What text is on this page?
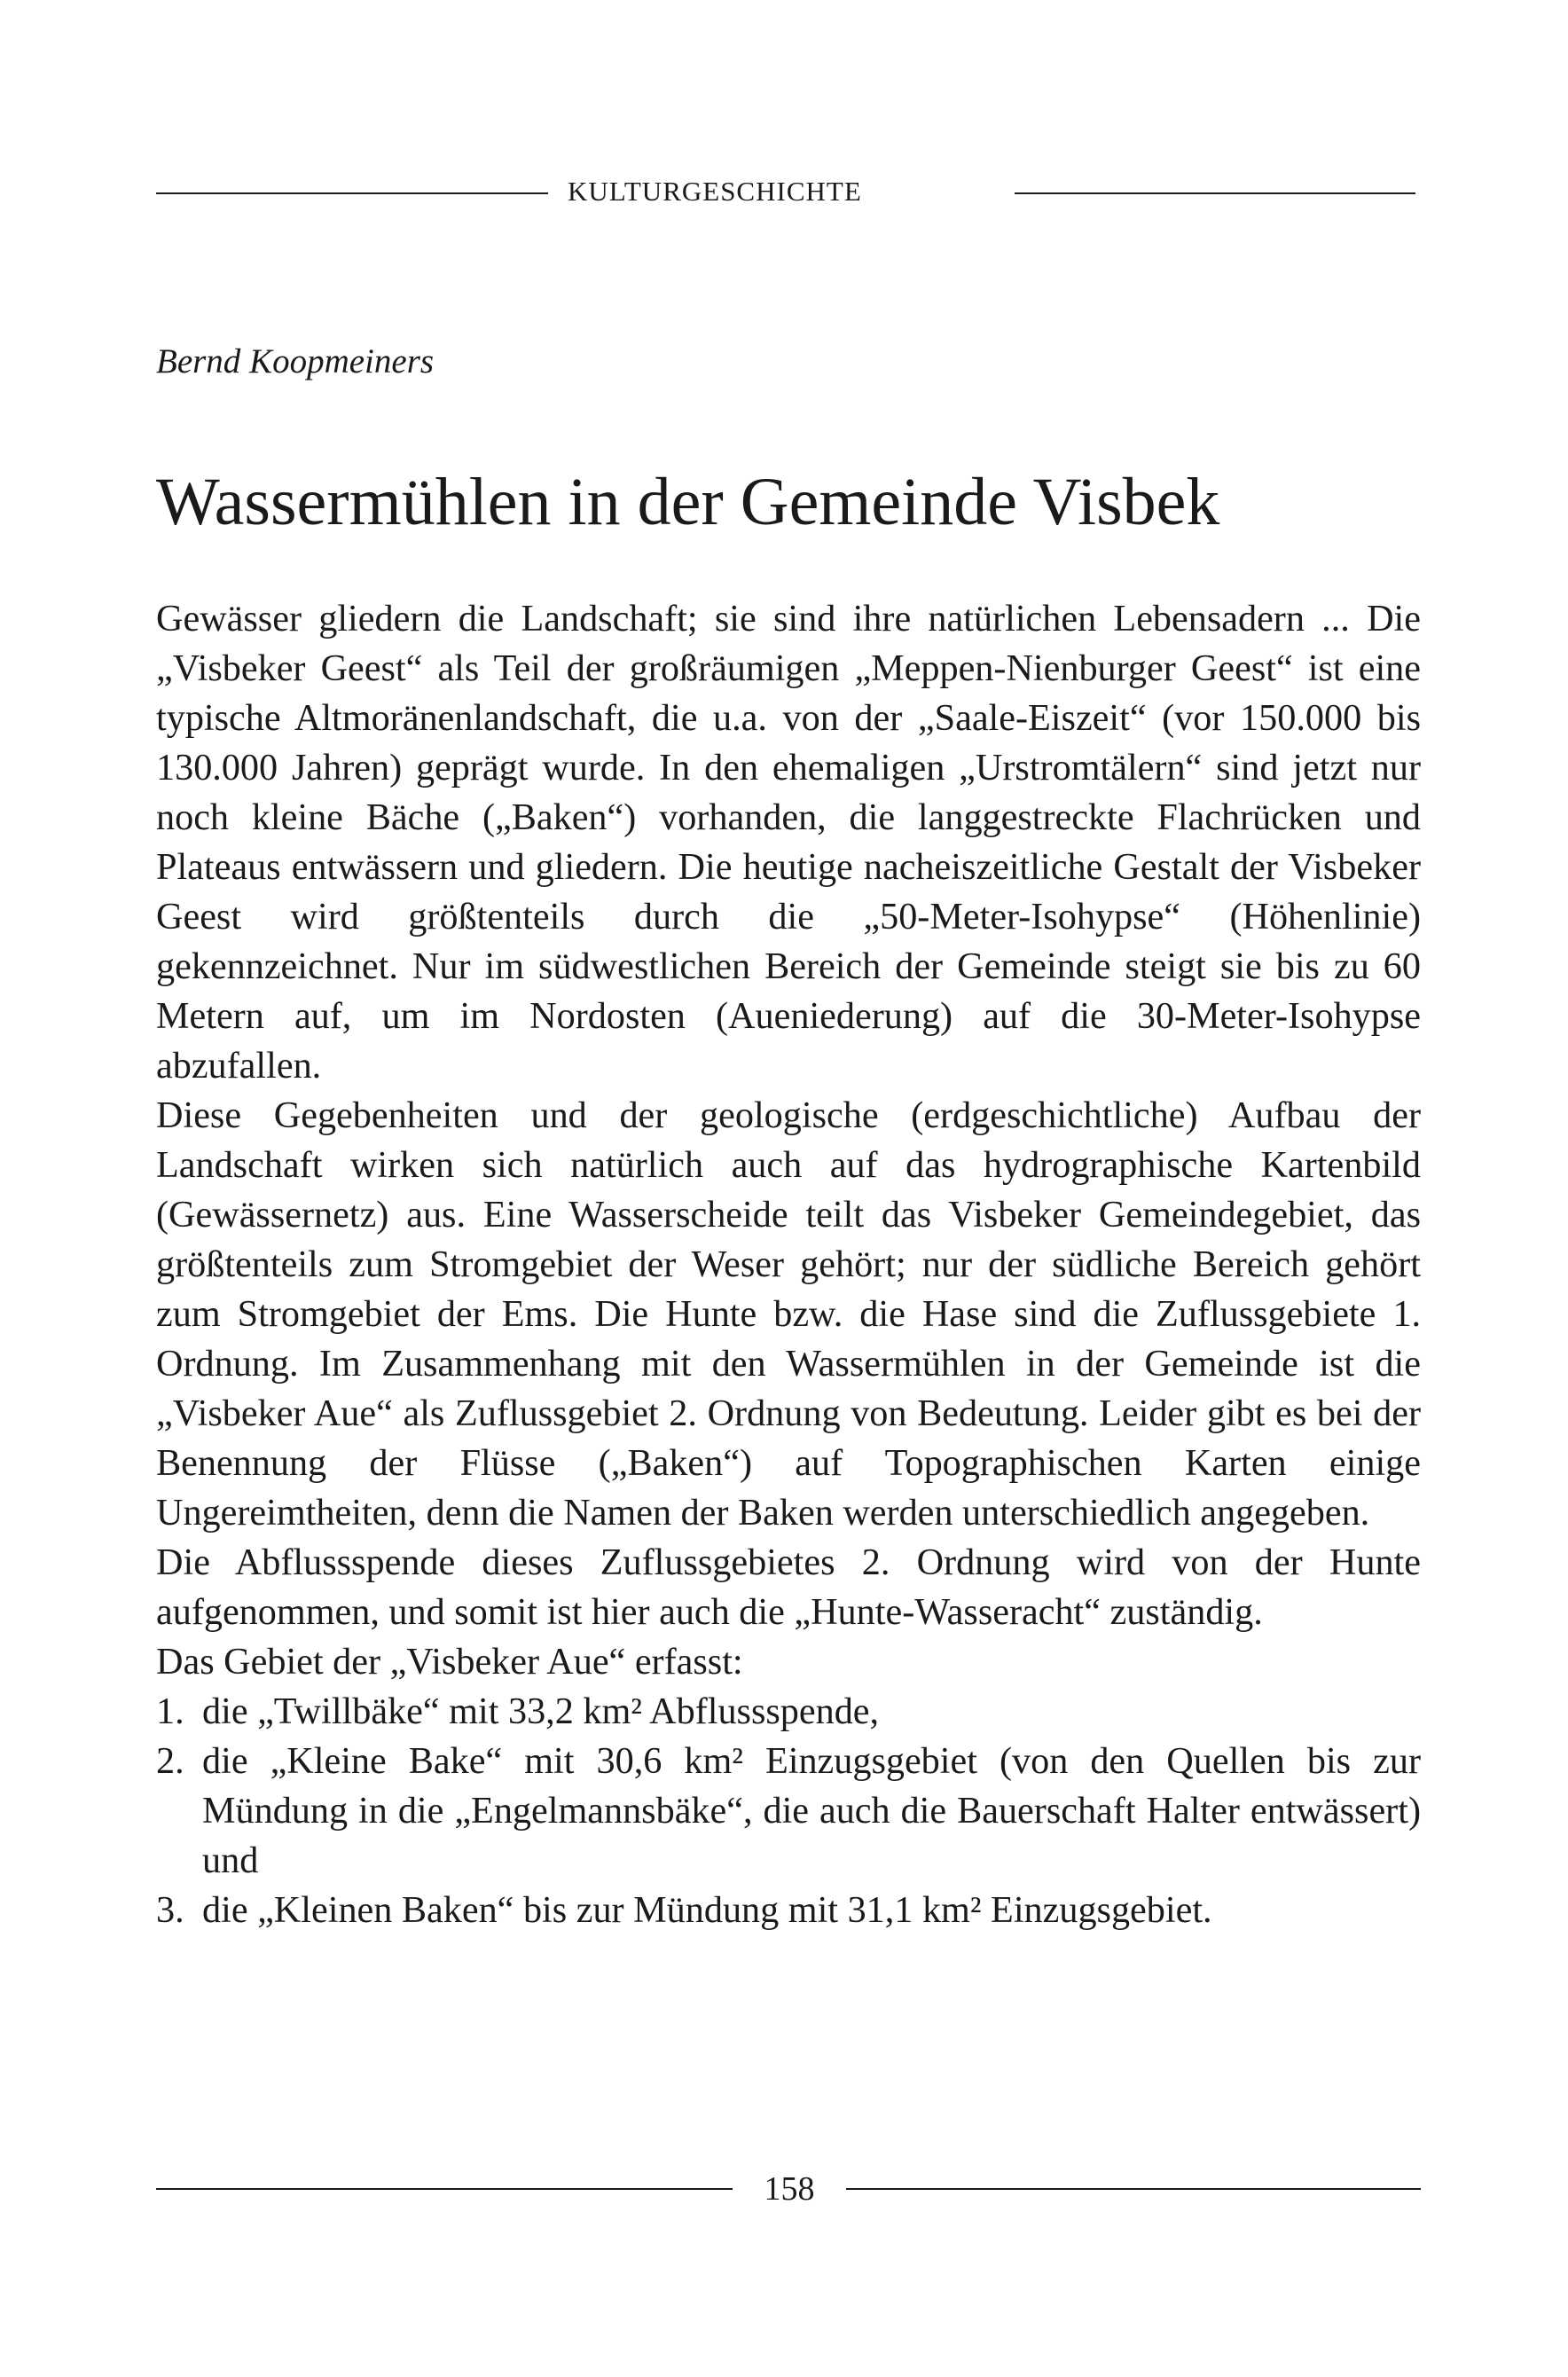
KULTURGESCHICHTE
Bernd Koopmeiners
Wassermühlen in der Gemeinde Visbek

Gewässer gliedern die Landschaft; sie sind ihre natürlichen Lebensadern ... Die „Visbeker Geest“ als Teil der großräumigen „Meppen-Nienburger Geest“ ist eine typische Altmoränenlandschaft, die u.a. von der „Saale-Eiszeit“ (vor 150.000 bis 130.000 Jahren) geprägt wurde. In den ehemaligen „Urstromtälern“ sind jetzt nur noch kleine Bäche („Baken“) vorhanden, die langgestreckte Flachrücken und Plateaus entwässern und gliedern. Die heutige nacheiszeitliche Gestalt der Visbeker Geest wird größtenteils durch die „50-Meter-Isohypse“ (Höhenlinie) gekennzeichnet. Nur im südwestlichen Bereich der Gemeinde steigt sie bis zu 60 Metern auf, um im Nordosten (Aueniederung) auf die 30-Meter-Isohypse abzufallen.

Diese Gegebenheiten und der geologische (erdgeschichtliche) Aufbau der Landschaft wirken sich natürlich auch auf das hydrographische Kartenbild (Gewässernetz) aus. Eine Wasserscheide teilt das Visbeker Gemeindegebiet, das größtenteils zum Stromgebiet der Weser gehört; nur der südliche Bereich gehört zum Stromgebiet der Ems. Die Hunte bzw. die Hase sind die Zuflussgebiete 1. Ordnung. Im Zusammenhang mit den Wassermühlen in der Gemeinde ist die „Visbeker Aue“ als Zuflussgebiet 2. Ordnung von Bedeutung. Leider gibt es bei der Benennung der Flüsse („Baken“) auf Topographischen Karten einige Ungereimtheiten, denn die Namen der Baken werden unterschiedlich angegeben.

Die Abflussspende dieses Zuflussgebietes 2. Ordnung wird von der Hunte aufgenommen, und somit ist hier auch die „Hunte-Wasseracht“ zuständig.

Das Gebiet der „Visbeker Aue“ erfasst:

1. die „Twillbäke“ mit 33,2 km² Abflussspende,
2. die „Kleine Bake“ mit 30,6 km² Einzugsgebiet (von den Quellen bis zur Mündung in die „Engelmannsbäke“, die auch die Bauerschaft Halter entwässert) und
3. die „Kleinen Baken“ bis zur Mündung mit 31,1 km² Einzugsgebiet.
158
